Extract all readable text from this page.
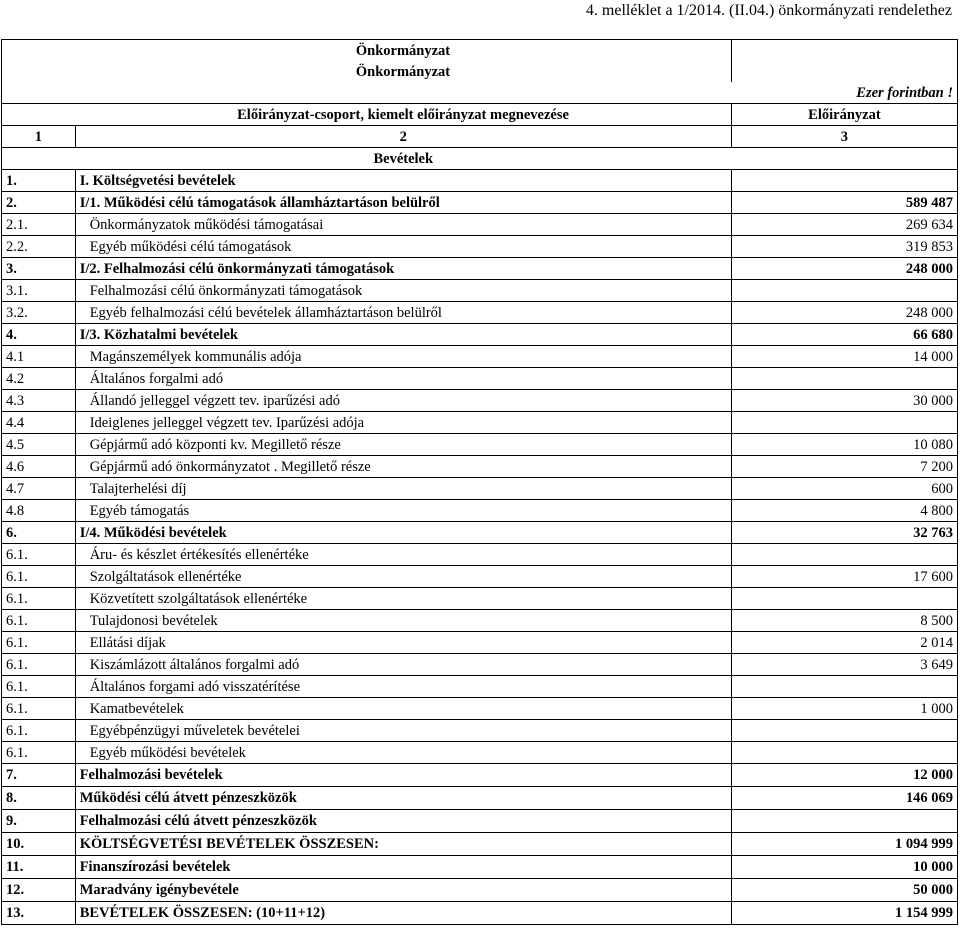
4. melléklet a 1/2014. (II.04.) önkormányzati rendelethez
	Önkormányzat	
	Önkormányzat	
		Ezer forintban !
	Előirányzat-csoport, kiemelt előirányzat megnevezése	Előirányzat
1	2	3
	Bevételek	
1.	I. Költségvetési bevételek	
2.	I/1. Működési célú támogatások államháztartáson belülről	589 487
2.1.	Önkormányzatok működési támogatásai	269 634
2.2.	Egyéb működési célú támogatások	319 853
3.	I/2. Felhalmozási célú önkormányzati támogatások	248 000
3.1.	Felhalmozási célú önkormányzati támogatások	
3.2.	Egyéb felhalmozási célú bevételek államháztartáson belülről	248 000
4.	I/3. Közhatalmi bevételek	66 680
4.1	Magánszemélyek kommunális adója	14 000
4.2	Általános forgalmi adó	
4.3	Állandó jelleggel végzett tev. iparűzési adó	30 000
4.4	Ideiglenes jelleggel végzett tev. Iparűzési adója	
4.5	Gépjármű adó központi kv. Megillető része	10 080
4.6	Gépjármű adó önkormányzatot . Megillető része	7 200
4.7	Talajterhelési díj	600
4.8	Egyéb támogatás	4 800
6.	I/4. Működési bevételek	32 763
6.1.	Áru- és készlet értékesítés ellenértéke	
6.1.	Szolgáltatások ellenértéke	17 600
6.1.	Közvetített szolgáltatások ellenértéke	
6.1.	Tulajdonosi bevételek	8 500
6.1.	Ellátási díjak	2 014
6.1.	Kiszámlázott általános forgalmi adó	3 649
6.1.	Általános forgami adó visszatérítése	
6.1.	Kamatbevételek	1 000
6.1.	Egyébpénzügyi műveletek bevételei	
6.1.	Egyéb működési bevételek	
7.	Felhalmozási bevételek	12 000
8.	Működési célú átvett pénzeszközök	146 069
9.	Felhalmozási célú átvett pénzeszközök	
10.	KÖLTSÉGVETÉSI BEVÉTELEK ÖSSZESEN:	1 094 999
11.	Finanszírozási bevételek	10 000
12.	Maradvány igénybevétele	50 000
13.	BEVÉTELEK ÖSSZESEN: (10+11+12)	1 154 999
